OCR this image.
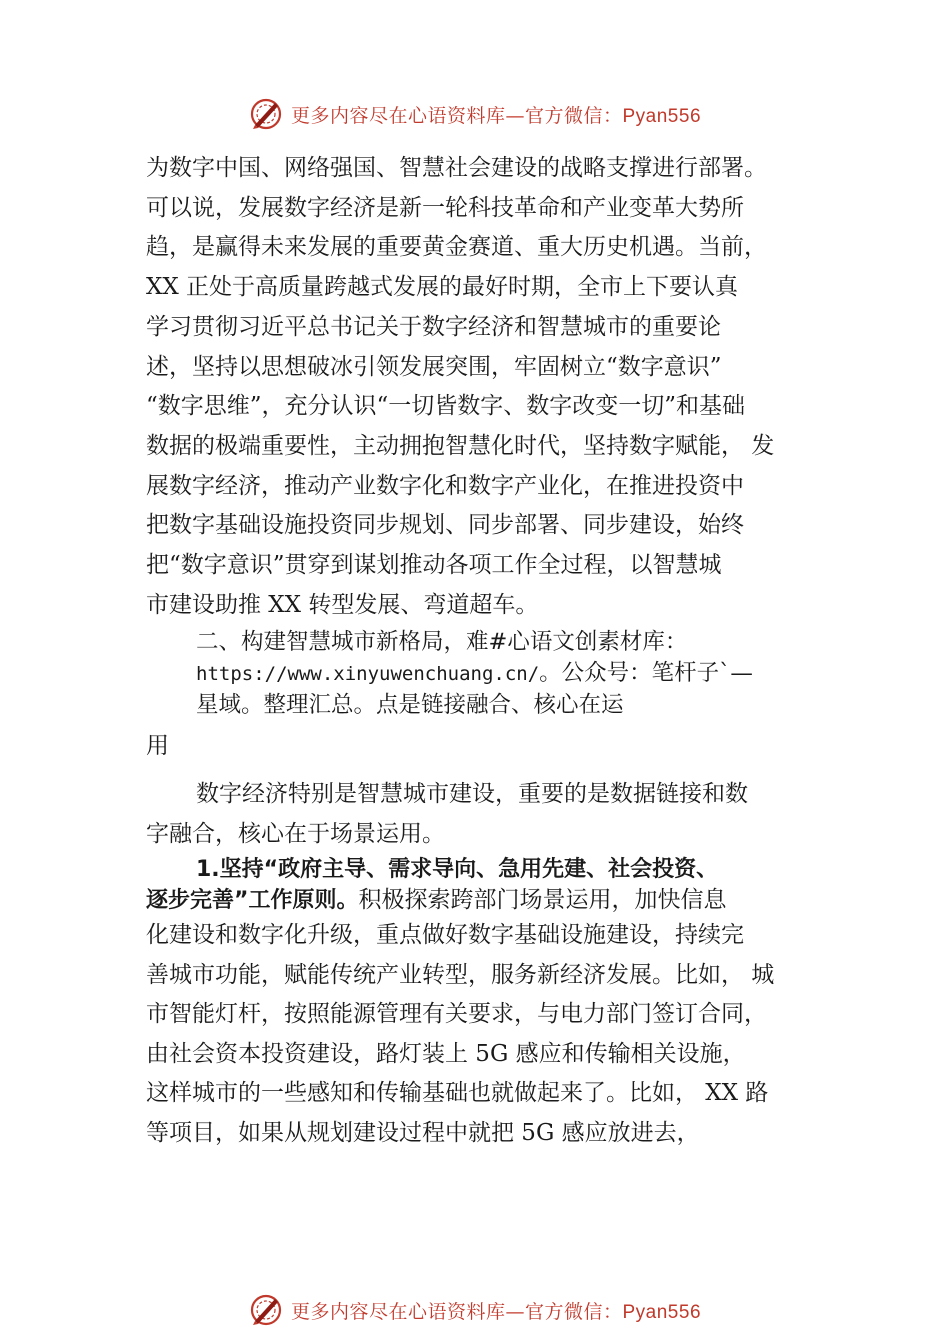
更多内容尽在心语资料库—官方微信：Pyan556
为数字中国、网络强国、智慧社会建设的战略支撑进行部署。
可以说，发展数字经济是新一轮科技革命和产业变革大势所
趋，是赢得未来发展的重要黄金赛道、重大历史机遇。当前，
XX 正处于高质量跨越式发展的最好时期，全市上下要认真
学习贯彻习近平总书记关于数字经济和智慧城市的重要论
述，坚持以思想破冰引领发展突围，牢固树立“数字意识”
“数字思维”，充分认识“一切皆数字、数字改变一切”和基础
数据的极端重要性，主动拥抱智慧化时代，坚持数字赋能， 发
展数字经济，推动产业数字化和数字产业化，在推进投资中
把数字基础设施投资同步规划、同步部署、同步建设，始终
把“数字意识”贯穿到谋划推动各项工作全过程，以智慧城
市建设助推 XX 转型发展、弯道超车。
二、构建智慧城市新格局，难#心语文创素材库：
https://www.xinyuwenchuang.cn/。公众号：笔杆子`—
星域。整理汇总。点是链接融合、核心在运
用
数字经济特别是智慧城市建设，重要的是数据链接和数
字融合，核心在于场景运用。
1.坚持“政府主导、需求导向、急用先建、社会投资、
逐步完善”工作原则。积极探索跨部门场景运用，加快信息
化建设和数字化升级，重点做好数字基础设施建设，持续完
善城市功能，赋能传统产业转型，服务新经济发展。比如， 城
市智能灯杆，按照能源管理有关要求，与电力部门签订合同，
由社会资本投资建设，路灯装上 5G 感应和传输相关设施，
这样城市的一些感知和传输基础也就做起来了。比如， XX 路
等项目，如果从规划建设过程中就把 5G 感应放进去，
更多内容尽在心语资料库—官方微信：Pyan556
